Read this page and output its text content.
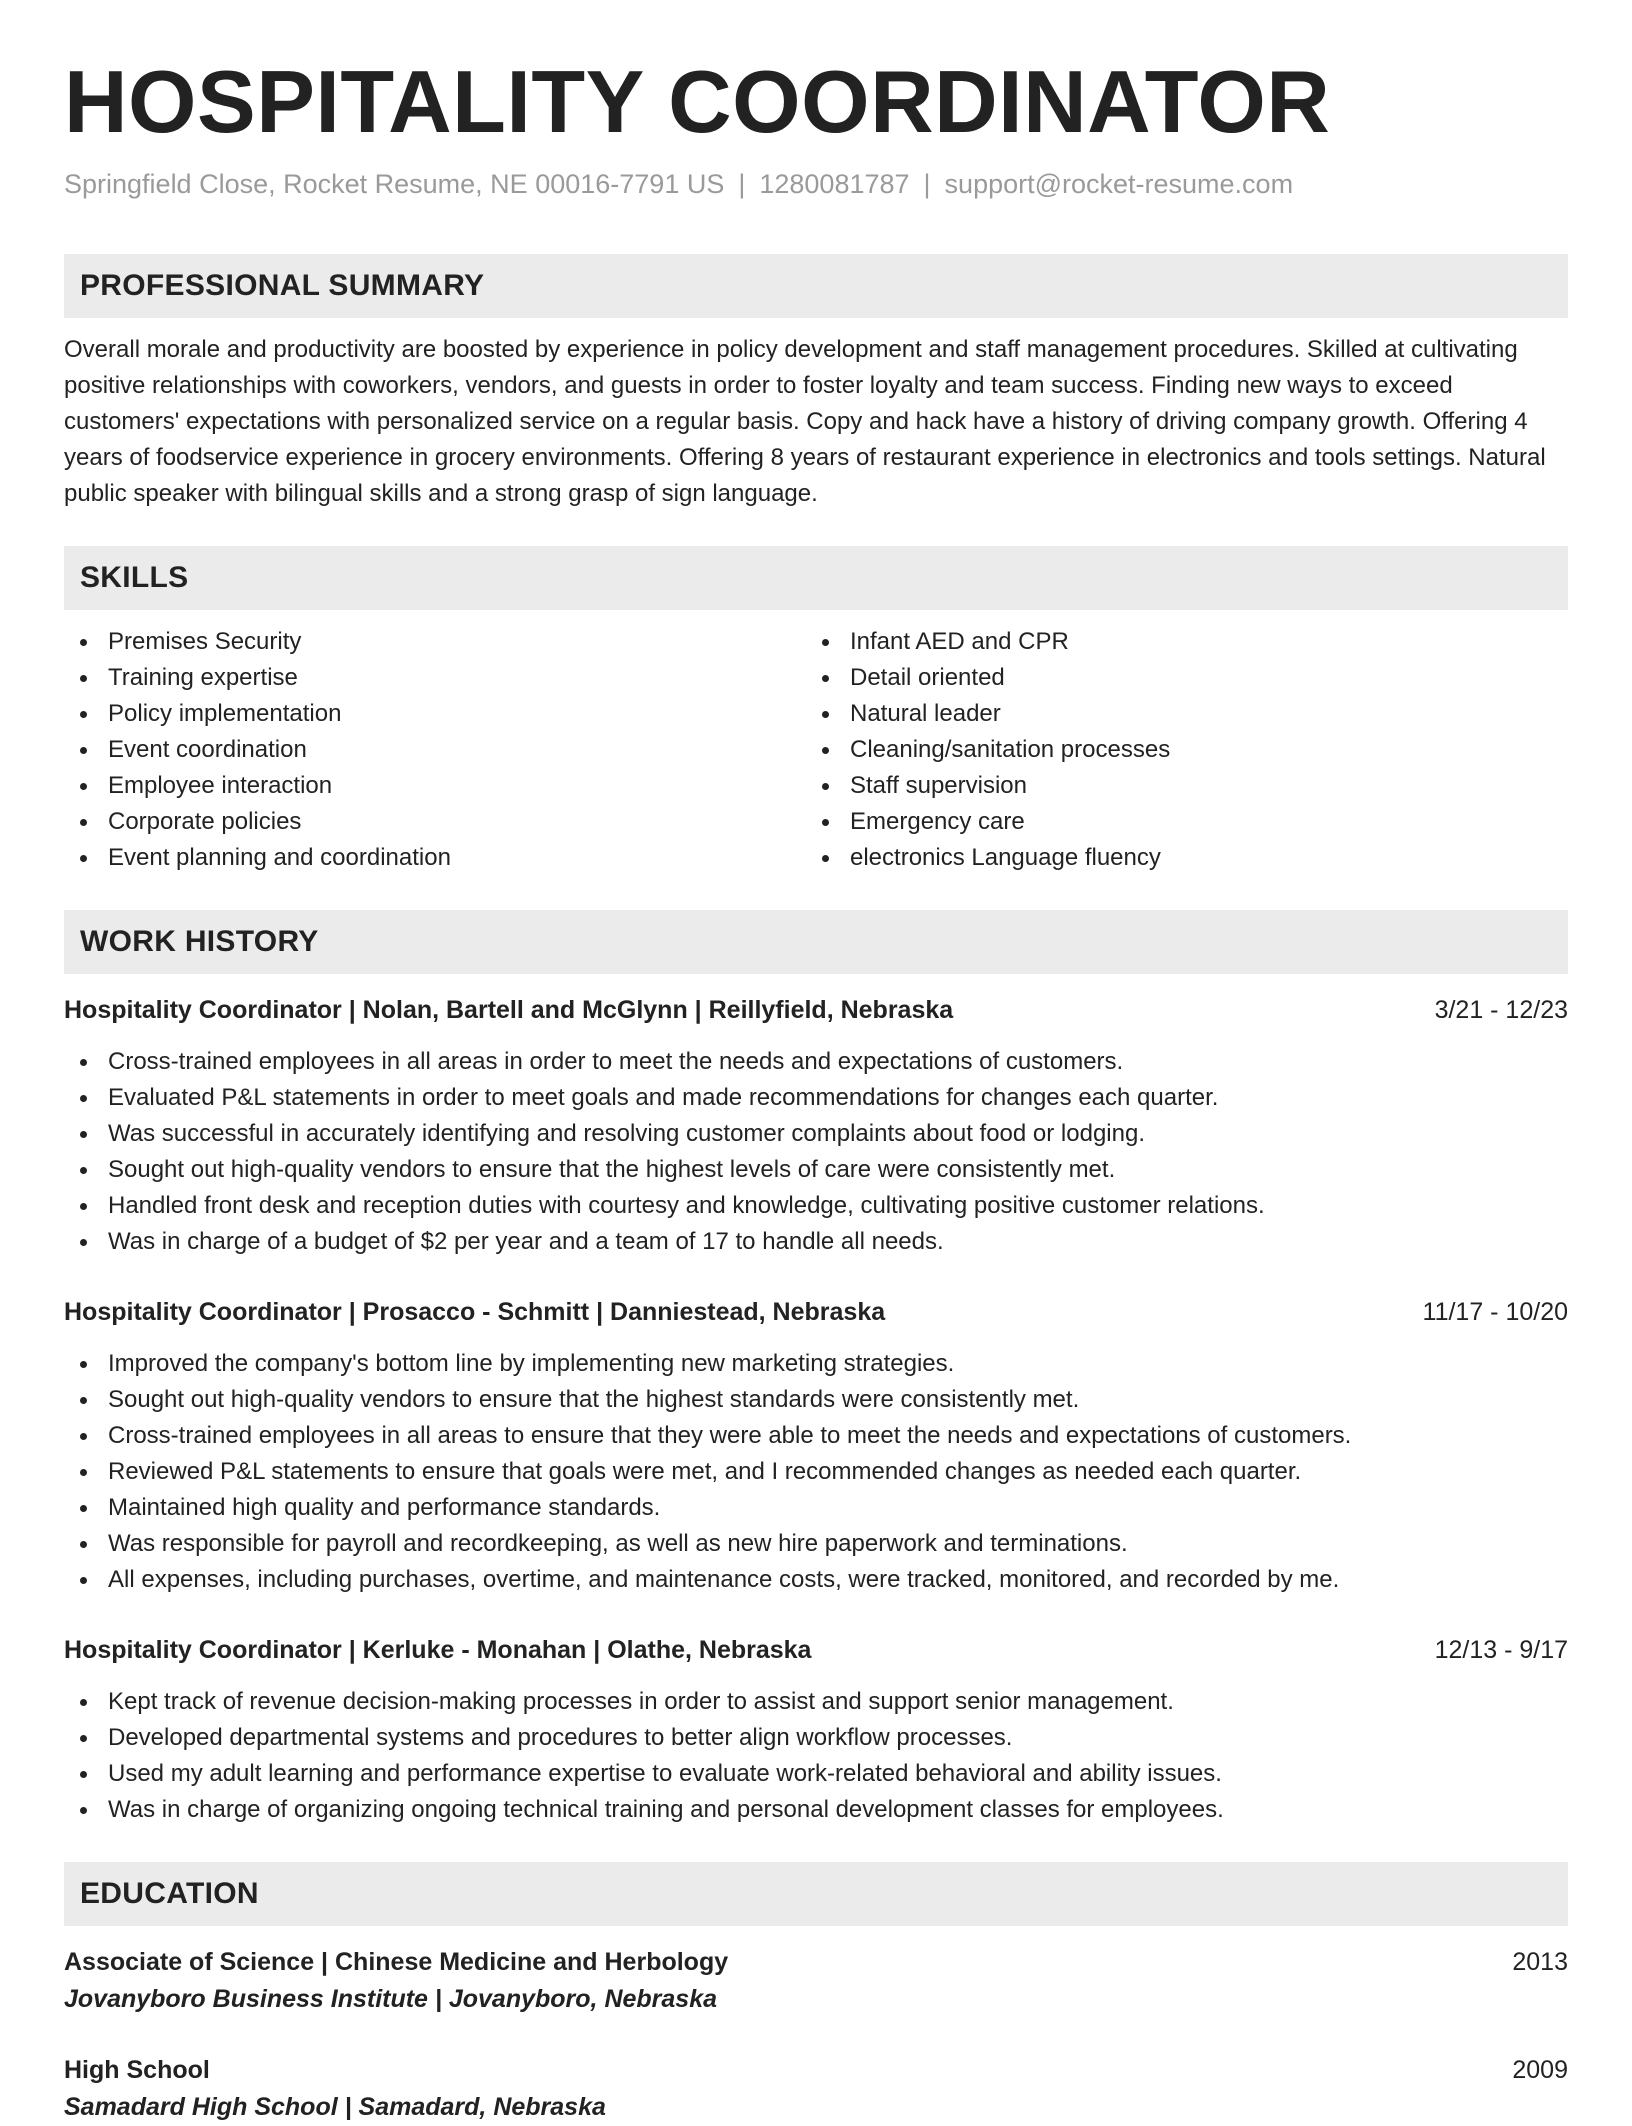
HOSPITALITY COORDINATOR
Springfield Close, Rocket Resume, NE 00016-7791 US | 1280081787 | support@rocket-resume.com
PROFESSIONAL SUMMARY

Overall morale and productivity are boosted by experience in policy development and staff management procedures. Skilled at cultivating positive relationships with coworkers, vendors, and guests in order to foster loyalty and team success. Finding new ways to exceed customers' expectations with personalized service on a regular basis. Copy and hack have a history of driving company growth. Offering 4 years of foodservice experience in grocery environments. Offering 8 years of restaurant experience in electronics and tools settings. Natural public speaker with bilingual skills and a strong grasp of sign language.

SKILLS
Premises Security
Training expertise
Policy implementation
Event coordination
Employee interaction
Corporate policies
Event planning and coordination
Infant AED and CPR
Detail oriented
Natural leader
Cleaning/sanitation processes
Staff supervision
Emergency care
electronics Language fluency
WORK HISTORY
Hospitality Coordinator | Nolan, Bartell and McGlynn | Reillyfield, Nebraska	3/21 - 12/23
Cross-trained employees in all areas in order to meet the needs and expectations of customers.
Evaluated P&L statements in order to meet goals and made recommendations for changes each quarter.
Was successful in accurately identifying and resolving customer complaints about food or lodging.
Sought out high-quality vendors to ensure that the highest levels of care were consistently met.
Handled front desk and reception duties with courtesy and knowledge, cultivating positive customer relations.
Was in charge of a budget of $2 per year and a team of 17 to handle all needs.
Hospitality Coordinator | Prosacco - Schmitt | Danniestead, Nebraska	11/17 - 10/20
Improved the company's bottom line by implementing new marketing strategies.
Sought out high-quality vendors to ensure that the highest standards were consistently met.
Cross-trained employees in all areas to ensure that they were able to meet the needs and expectations of customers.
Reviewed P&L statements to ensure that goals were met, and I recommended changes as needed each quarter.
Maintained high quality and performance standards.
Was responsible for payroll and recordkeeping, as well as new hire paperwork and terminations.
All expenses, including purchases, overtime, and maintenance costs, were tracked, monitored, and recorded by me.
Hospitality Coordinator | Kerluke - Monahan | Olathe, Nebraska	12/13 - 9/17
Kept track of revenue decision-making processes in order to assist and support senior management.
Developed departmental systems and procedures to better align workflow processes.
Used my adult learning and performance expertise to evaluate work-related behavioral and ability issues.
Was in charge of organizing ongoing technical training and personal development classes for employees.
EDUCATION
Associate of Science | Chinese Medicine and Herbology	2013
Jovanyboro Business Institute | Jovanyboro, Nebraska
High School	2009
Samadard High School | Samadard, Nebraska
